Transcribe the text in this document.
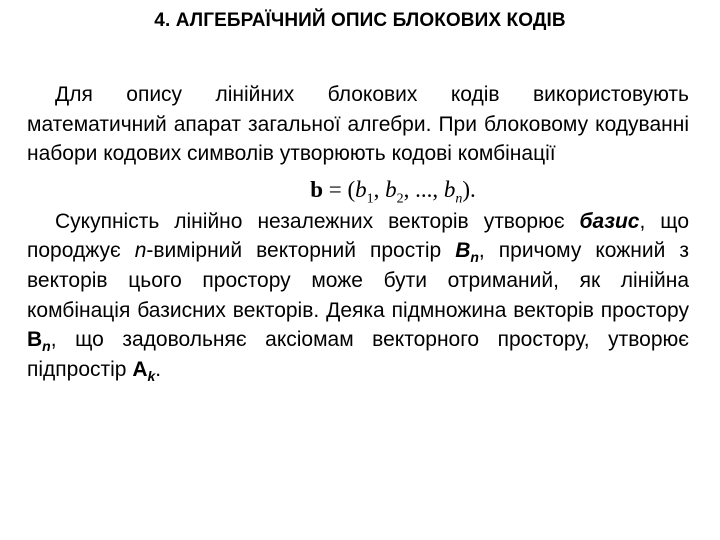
4. АЛГЕБРАЇЧНИЙ ОПИС БЛОКОВИХ КОДІВ
Для опису лінійних блокових кодів використовують математичний апарат загальної алгебри. При блоковому кодуванні набори кодових символів утворюють кодові комбінації
$b = (b_1$, $b_2$, ..., $b_n$).
Сукупність лінійно незалежних векторів утворює базис, що породжує n-вимірний векторний простір $B_n$, причому кожний з векторів цього простору може бути отриманий, як лінійна комбінація базисних векторів. Деяка підмножина векторів простору $B_n$, що задовольняє аксіомам векторного простору, утворює підпростір $A_k$.
